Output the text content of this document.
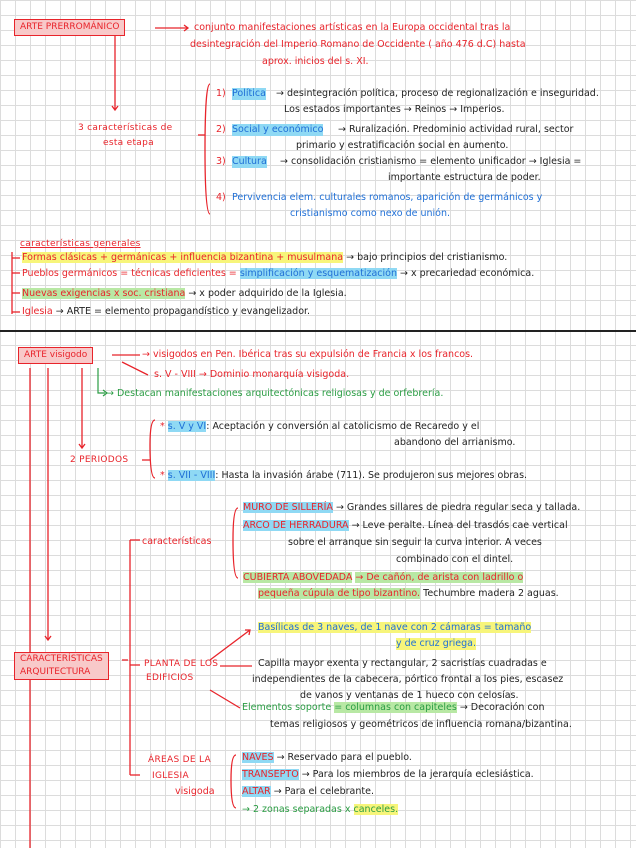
ARTE PRERROMÁNICO	conjunto manifestaciones artísticas en la Europa occidental tras la
desintegración del Imperio Romano de Occidente ( año 476 d.C) hasta
aprox. inicios del s. XI.
3 características de
esta etapa
1) Política → desintegración política, proceso de regionalización e inseguridad.
Los estados importantes → Reinos → Imperios.
2) Social y económico → Ruralización. Predominio actividad rural, sector
primario y estratificación social en aumento.
3) Cultura → consolidación cristianismo = elemento unificador → Iglesia =
importante estructura de poder.
4) Pervivencia elem. culturales romanos, aparición de germánicos y
cristianismo como nexo de unión.
características generales
Formas clásicas + germánicas + influencia bizantina + musulmana → bajo principios del cristianismo.
Pueblos germánicos = técnicas deficientes = simplificación y esquematización → x precariedad económica.
Nuevas exigencias x soc. cristiana → x poder adquirido de la Iglesia.
Iglesia → ARTE = elemento propagandístico y evangelizador.
ARTE visigodo	→ visigodos en Pen. Ibérica tras su expulsión de Francia x los francos.
s. V - VIII → Dominio monarquía visigoda.
→ Destacan manifestaciones arquitectónicas religiosas y de orfebrería.
2 PERIODOS
* s. V y VI: Aceptación y conversión al catolicismo de Recaredo y el
abandono del arrianismo.
* s. VII - VIII: Hasta la invasión árabe (711). Se produjeron sus mejores obras.
características
MURO DE SILLERÍA → Grandes sillares de piedra regular seca y tallada.
ARCO DE HERRADURA → Leve peralte. Línea del trasdós cae vertical
sobre el arranque sin seguir la curva interior. A veces
combinado con el dintel.
CUBIERTA ABOVEDADA → De cañón, de arista con ladrillo o
pequeña cúpula de tipo bizantino. Techumbre madera 2 aguas.
CARACTERÍSTICAS
ARQUITECTURA
PLANTA DE LOS
EDIFICIOS
Basílicas de 3 naves, de 1 nave con 2 cámaras = tamaño
y de cruz griega.
Capilla mayor exenta y rectangular, 2 sacristías cuadradas e
independientes de la cabecera, pórtico frontal a los pies, escasez
de vanos y ventanas de 1 hueco con celosías.
Elementos soporte = columnas con capiteles → Decoración con
temas religiosos y geométricos de influencia romana/bizantina.
ÁREAS DE LA
IGLESIA
visigoda
NAVES → Reservado para el pueblo.
TRANSEPTO → Para los miembros de la jerarquía eclesiástica.
ALTAR → Para el celebrante.
→ 2 zonas separadas x canceles.
